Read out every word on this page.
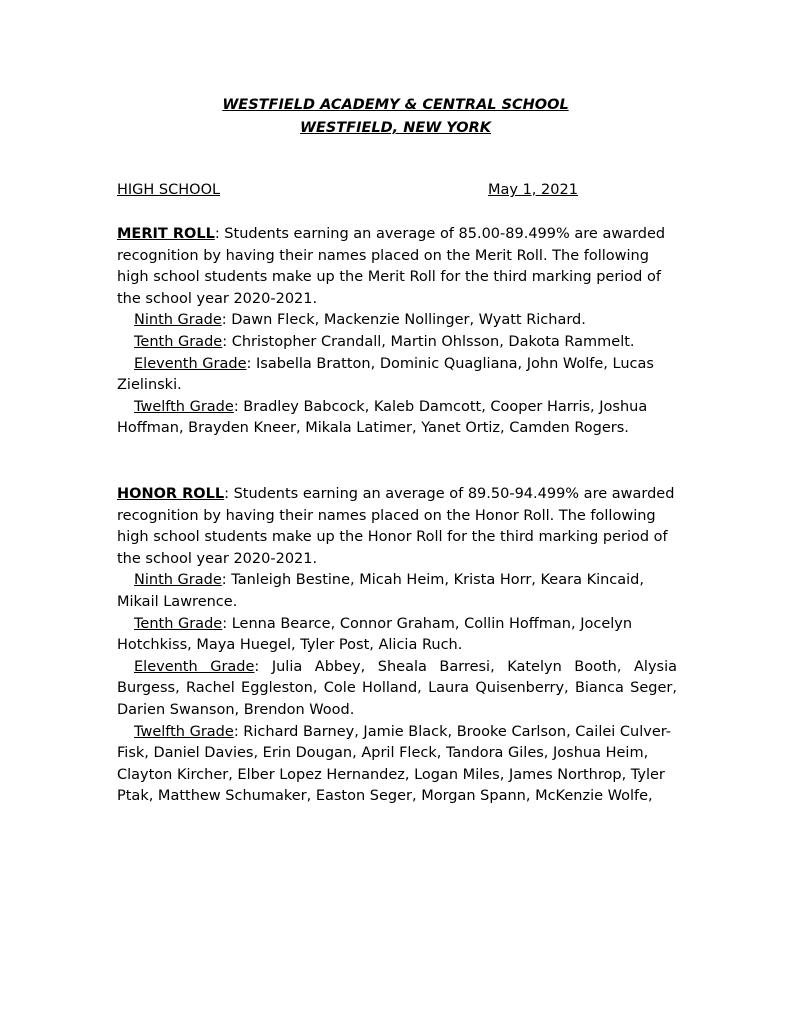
WESTFIELD ACADEMY & CENTRAL SCHOOL
WESTFIELD, NEW YORK
HIGH SCHOOL	May 1, 2021

MERIT ROLL: Students earning an average of 85.00-89.499% are awarded recognition by having their names placed on the Merit Roll. The following high school students make up the Merit Roll for the third marking period of the school year 2020-2021.

Ninth Grade: Dawn Fleck, Mackenzie Nollinger, Wyatt Richard.

Tenth Grade: Christopher Crandall, Martin Ohlsson, Dakota Rammelt.

Eleventh Grade: Isabella Bratton, Dominic Quagliana, John Wolfe, Lucas Zielinski.

Twelfth Grade: Bradley Babcock, Kaleb Damcott, Cooper Harris, Joshua Hoffman, Brayden Kneer, Mikala Latimer, Yanet Ortiz, Camden Rogers.

HONOR ROLL: Students earning an average of 89.50-94.499% are awarded recognition by having their names placed on the Honor Roll. The following high school students make up the Honor Roll for the third marking period of the school year 2020-2021.

Ninth Grade: Tanleigh Bestine, Micah Heim, Krista Horr, Keara Kincaid, Mikail Lawrence.

Tenth Grade: Lenna Bearce, Connor Graham, Collin Hoffman, Jocelyn Hotchkiss, Maya Huegel, Tyler Post, Alicia Ruch.

Eleventh Grade: Julia Abbey, Sheala Barresi, Katelyn Booth, Alysia Burgess, Rachel Eggleston, Cole Holland, Laura Quisenberry, Bianca Seger, Darien Swanson, Brendon Wood.

Twelfth Grade: Richard Barney, Jamie Black, Brooke Carlson, Cailei Culver-Fisk, Daniel Davies, Erin Dougan, April Fleck, Tandora Giles, Joshua Heim, Clayton Kircher, Elber Lopez Hernandez, Logan Miles, James Northrop, Tyler Ptak, Matthew Schumaker, Easton Seger, Morgan Spann, McKenzie Wolfe,
